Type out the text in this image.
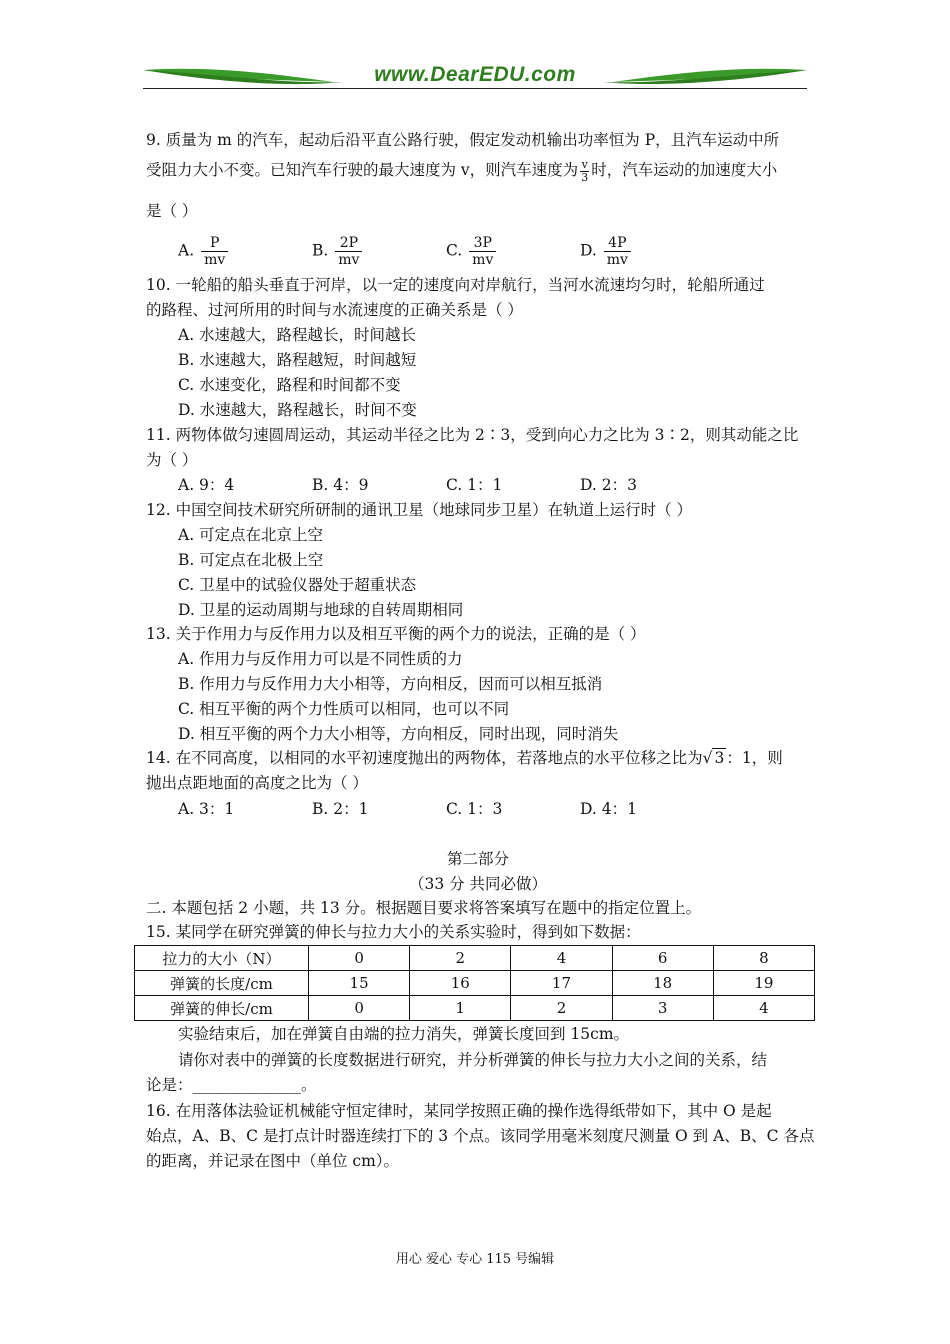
www.DearEDU.com
9. 质量为 m 的汽车，起动后沿平直公路行驶，假定发动机输出功率恒为 P，且汽车运动中所
受阻力大小不变。已知汽车行驶的最大速度为 v，则汽车速度为 $\frac{v}{3}$ 时，汽车运动的加速度大小
是（ ）
A. $\frac{P}{mv}$	B. $\frac{2P}{mv}$	C. $\frac{3P}{mv}$	D. $\frac{4P}{mv}$
10. 一轮船的船头垂直于河岸，以一定的速度向对岸航行，当河水流速均匀时，轮船所通过
的路程、过河所用的时间与水流速度的正确关系是（ ）
A. 水速越大，路程越长，时间越长
B. 水速越大，路程越短，时间越短
C. 水速变化，路程和时间都不变
D. 水速越大，路程越长，时间不变
11. 两物体做匀速圆周运动，其运动半径之比为 2∶3，受到向心力之比为 3∶2，则其动能之比
为（ ）
A. 9：4	B. 4：9	C. 1：1	D. 2：3
12. 中国空间技术研究所研制的通讯卫星（地球同步卫星）在轨道上运行时（ ）
A. 可定点在北京上空
B. 可定点在北极上空
C. 卫星中的试验仪器处于超重状态
D. 卫星的运动周期与地球的自转周期相同
13. 关于作用力与反作用力以及相互平衡的两个力的说法，正确的是（ ）
A. 作用力与反作用力可以是不同性质的力
B. 作用力与反作用力大小相等，方向相反，因而可以相互抵消
C. 相互平衡的两个力性质可以相同，也可以不同
D. 相互平衡的两个力大小相等，方向相反，同时出现，同时消失
14. 在不同高度，以相同的水平初速度抛出的两物体，若落地点的水平位移之比为√ 3 ：1，则
抛出点距地面的高度之比为（ ）
A. 3：1	B. 2：1	C. 1：3	D. 4：1
第二部分
（33 分 共同必做）
二. 本题包括 2 小题，共 13 分。根据题目要求将答案填写在题中的指定位置上。
15. 某同学在研究弹簧的伸长与拉力大小的关系实验时，得到如下数据：
拉力的大小（N）	0	2	4	6	8
弹簧的长度/cm	15	16	17	18	19
弹簧的伸长/cm	0	1	2	3	4
实验结束后，加在弹簧自由端的拉力消失，弹簧长度回到 15cm。
请你对表中的弹簧的长度数据进行研究，并分析弹簧的伸长与拉力大小之间的关系，结
论是：______________。
16. 在用落体法验证机械能守恒定律时，某同学按照正确的操作选得纸带如下，其中 O 是起
始点，A、B、C 是打点计时器连续打下的 3 个点。该同学用毫米刻度尺测量 O 到 A、B、C 各点
的距离，并记录在图中（单位 cm）。
用心 爱心 专心 115 号编辑
